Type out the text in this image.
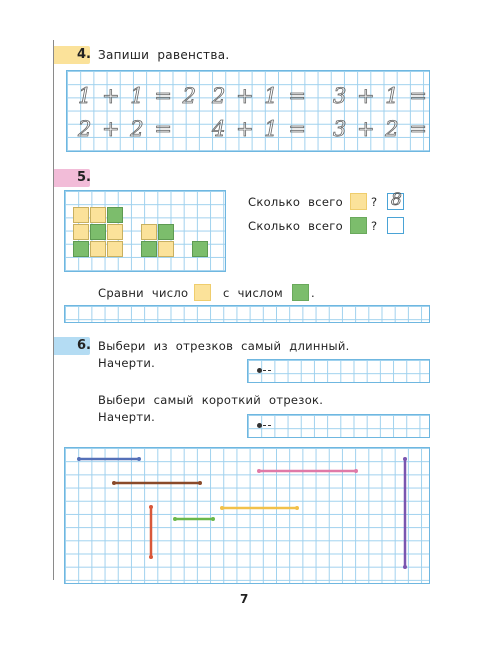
4. Запиши равенства.
1 + 1 = 2 2 + 1 = 3 + 1 =
2 + 2 = 4 + 1 = 3 + 2 =
5.
Сколько всего ? 8
Сколько всего ?
Сравни число	с числом .
6. Выбери из отрезков самый длинный.
Начерти.
Выбери самый короткий отрезок.
Начерти.
7
